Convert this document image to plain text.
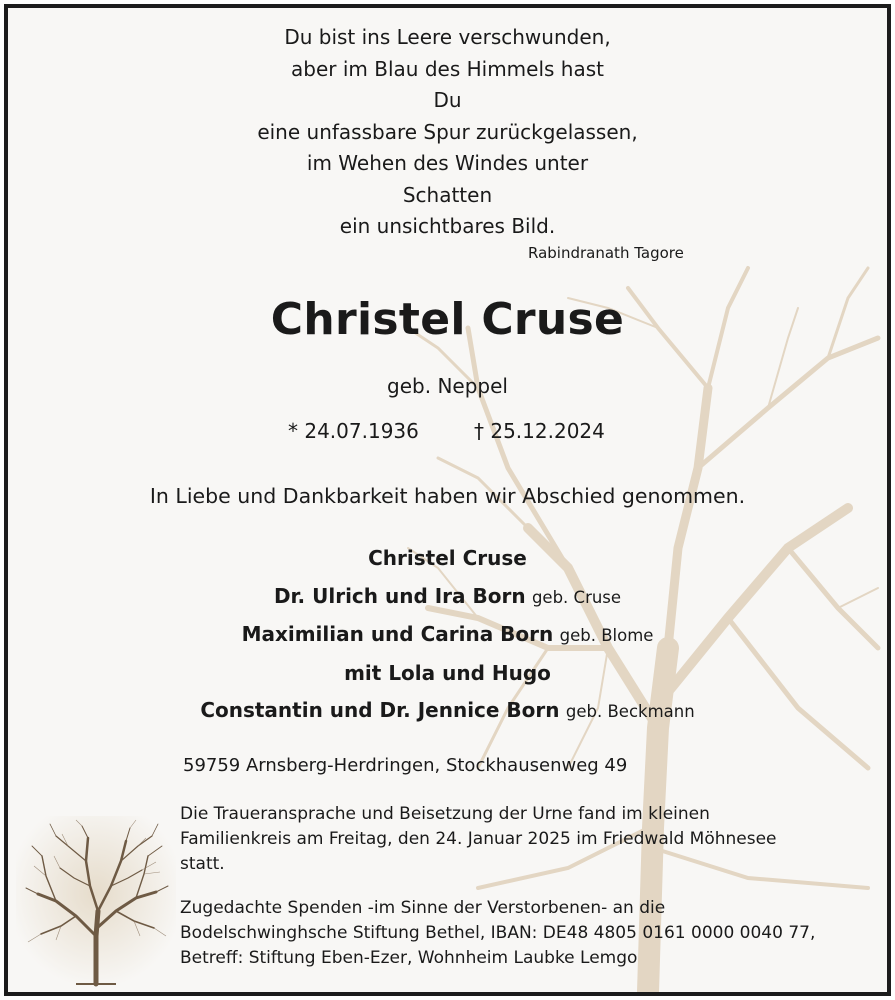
Du bist ins Leere verschwunden,
aber im Blau des Himmels hast
Du
eine unfassbare Spur zurückgelassen,
im Wehen des Windes unter
Schatten
ein unsichtbares Bild.
Rabindranath Tagore
Christel Cruse
geb. Neppel
* 24.07.1936	† 25.12.2024
In Liebe und Dankbarkeit haben wir Abschied genommen.
Christel Cruse
Dr. Ulrich und Ira Born geb. Cruse
Maximilian und Carina Born geb. Blome
mit Lola und Hugo
Constantin und Dr. Jennice Born geb. Beckmann
59759 Arnsberg-Herdringen, Stockhausenweg 49
Die Traueransprache und Beisetzung der Urne fand im kleinen
Familienkreis am Freitag, den 24. Januar 2025 im Friedwald Möhnesee
statt.
Zugedachte Spenden -im Sinne der Verstorbenen- an die
Bodelschwinghsche Stiftung Bethel, IBAN: DE48 4805 0161 0000 0040 77,
Betreff: Stiftung Eben-Ezer, Wohnheim Laubke Lemgo
